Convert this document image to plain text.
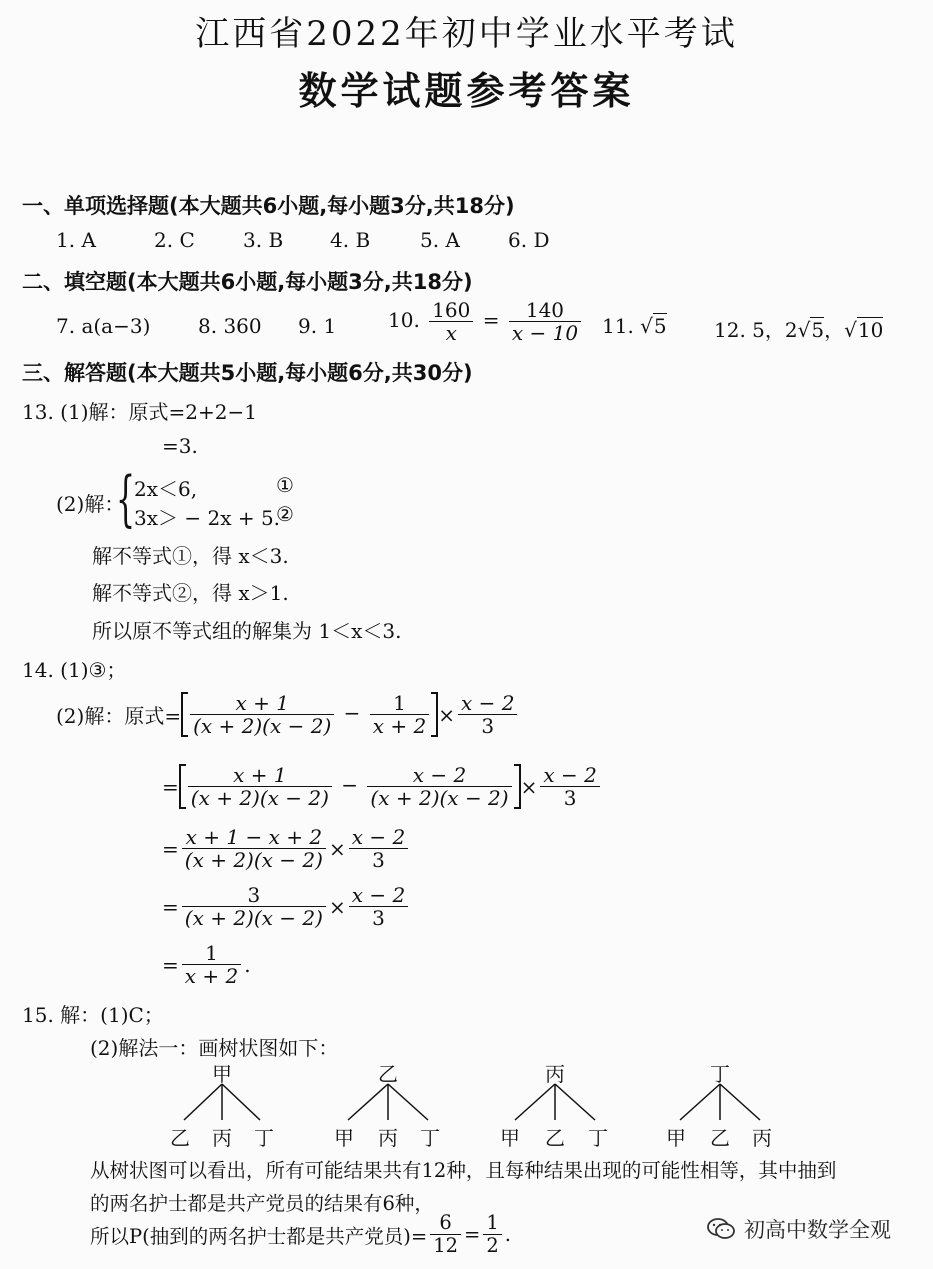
江西省2022年初中学业水平考试
数学试题参考答案
一、单项选择题(本大题共6小题,每小题3分,共18分)
1. A	2. C 3. B 4. B 5. A 6. D
二、填空题(本大题共6小题,每小题3分,共18分)
7. a(a−3) 8. 360 9. 1	10. $\frac{160}{x} = \frac{140}{x - 10} 11$. √5 12. 5，2√5，√10
三、解答题(本大题共5小题,每小题6分,共30分)
13. (1)解：原式=2+2−1
=3.
(2)解：
{
2x＜6,	①
3x＞ − 2x + 5.
②
解不等式①，得 x＜3.
解不等式②，得 x＞1.
所以原不等式组的解集为 1＜x＜3.
14. (1)③；
(2)解：原式= $\frac{x + 1}{(x + 2)(x - 2)} - \frac{1}{x + 2} \times \frac{x - 2}{3}$
= $\frac{x + 1}{(x + 2)(x - 2)} - \frac{x - 2}{(x + 2)(x - 2)} \times \frac{x - 2}{3}$
= $\frac{x + 1 - x + 2}{(x + 2)(x - 2)} \times \frac{x - 2}{3}$
= $\frac{3}{(x + 2)(x - 2)} \times \frac{x - 2}{3}$
= $\frac{1}{x + 2}$ .
15. 解：(1)C；
(2)解法一：画树状图如下：
甲
乙 丙 丁
乙
甲 丙 丁
丙
甲 乙 丁
丁
甲 乙 丙
从树状图可以看出，所有可能结果共有12种，且每种结果出现的可能性相等，其中抽到
的两名护士都是共产党员的结果有6种，
所以P(抽到的两名护士都是共产党员)= $\frac{6}{12} = \frac{1}{2}$ .	初高中数学全观
